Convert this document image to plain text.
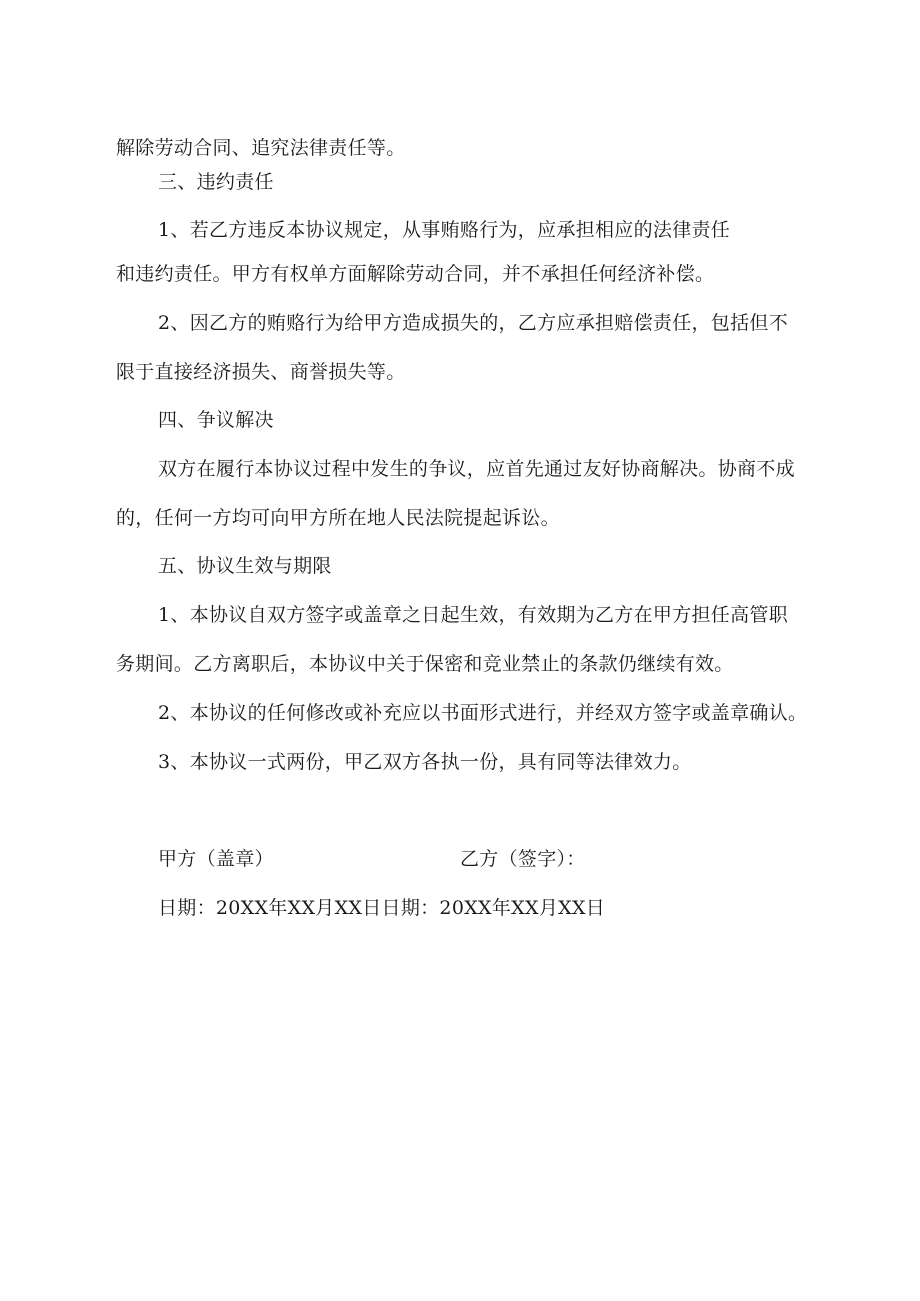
解除劳动合同、追究法律责任等。
三、违约责任
1、若乙方违反本协议规定，从事贿赂行为，应承担相应的法律责任
和违约责任。甲方有权单方面解除劳动合同，并不承担任何经济补偿。
2、因乙方的贿赂行为给甲方造成损失的，乙方应承担赔偿责任，包括但不
限于直接经济损失、商誉损失等。
四、争议解决
双方在履行本协议过程中发生的争议，应首先通过友好协商解决。协商不成
的，任何一方均可向甲方所在地人民法院提起诉讼。
五、协议生效与期限
1、本协议自双方签字或盖章之日起生效，有效期为乙方在甲方担任高管职
务期间。乙方离职后，本协议中关于保密和竞业禁止的条款仍继续有效。
2、本协议的任何修改或补充应以书面形式进行，并经双方签字或盖章确认。
3、本协议一式两份，甲乙双方各执一份，具有同等法律效力。
甲方（盖章）	乙方（签字）：
日期：20XX年XX月XX日日期：20XX年XX月XX日
